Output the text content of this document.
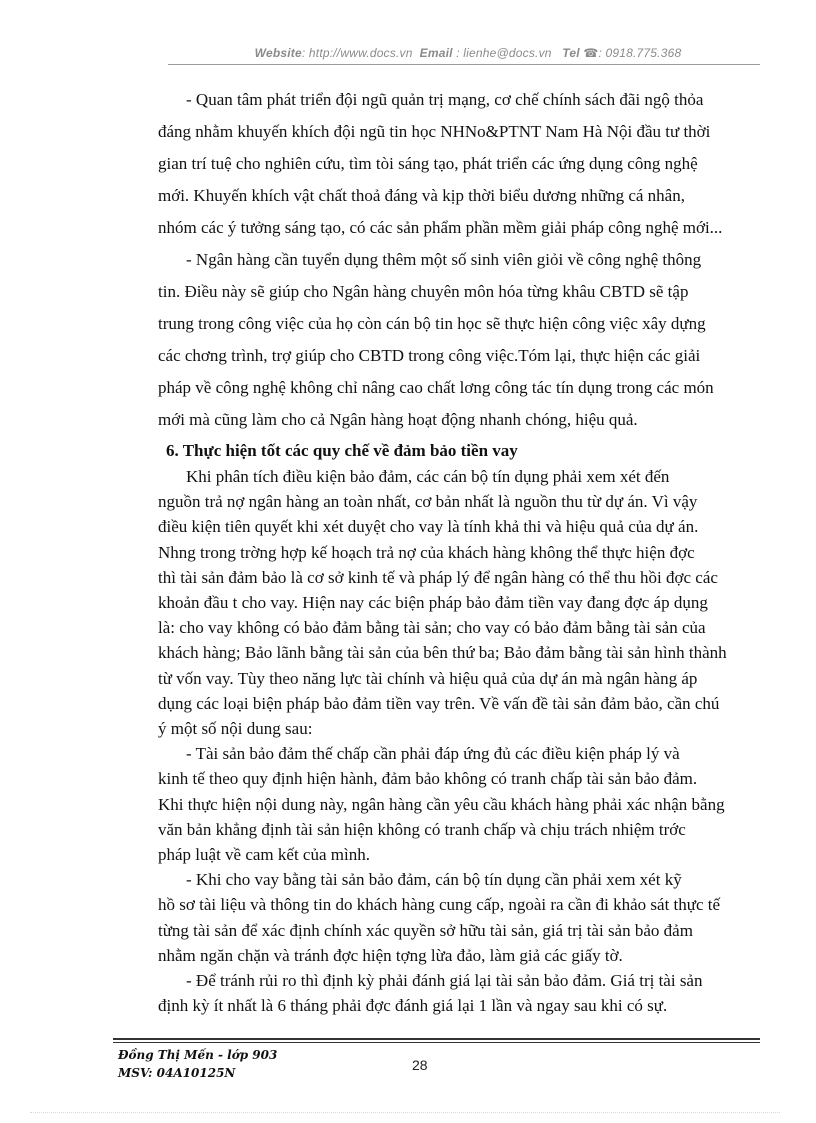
Website: http://www.docs.vn Email : lienhe@docs.vn Tel ☎: 0918.775.368

- Quan tâm phát triển đội ngũ quản trị mạng, cơ chế chính sách đãi ngộ thỏa

đáng nhằm khuyến khích đội ngũ tin học NHNo&PTNT Nam Hà Nội đầu tư thời

gian trí tuệ cho nghiên cứu, tìm tòi sáng tạo, phát triển các ứng dụng công nghệ

mới. Khuyến khích vật chất thoả đáng và kịp thời biểu dương những cá nhân,

nhóm các ý tưởng sáng tạo, có các sản phẩm phần mềm giải pháp công nghệ mới...

- Ngân hàng cần tuyển dụng thêm một số sinh viên giỏi về công nghệ thông

tin. Điều này sẽ giúp cho Ngân hàng chuyên môn hóa từng khâu CBTD sẽ tập

trung trong công việc của họ còn cán bộ tin học sẽ thực hiện công việc xây dựng

các chơng trình, trợ giúp cho CBTD trong công việc.Tóm lại, thực hiện các giải

pháp về công nghệ không chỉ nâng cao chất lơng công tác tín dụng trong các món

mới mà cũng làm cho cả Ngân hàng hoạt động nhanh chóng, hiệu quả.

6. Thực hiện tốt các quy chế về đảm bảo tiền vay

Khi phân tích điều kiện bảo đảm, các cán bộ tín dụng phải xem xét đến

nguồn trả nợ ngân hàng an toàn nhất, cơ bản nhất là nguồn thu từ dự án. Vì vậy

điều kiện tiên quyết khi xét duyệt cho vay là tính khả thi và hiệu quả của dự án.

Nhng trong trờng hợp kế hoạch trả nợ của khách hàng không thể thực hiện đợc

thì tài sản đảm bảo là cơ sở kinh tế và pháp lý để ngân hàng có thể thu hồi đợc các

khoản đầu t cho vay. Hiện nay các biện pháp bảo đảm tiền vay đang đợc áp dụng

là: cho vay không có bảo đảm bằng tài sản; cho vay có bảo đảm bằng tài sản của

khách hàng; Bảo lãnh bằng tài sản của bên thứ ba; Bảo đảm bằng tài sản hình thành

từ vốn vay. Tùy theo năng lực tài chính và hiệu quả của dự án mà ngân hàng áp

dụng các loại biện pháp bảo đảm tiền vay trên. Về vấn đề tài sản đảm bảo, cần chú

ý một số nội dung sau:

- Tài sản bảo đảm thế chấp cần phải đáp ứng đủ các điều kiện pháp lý và

kinh tế theo quy định hiện hành, đảm bảo không có tranh chấp tài sản bảo đảm.

Khi thực hiện nội dung này, ngân hàng cần yêu cầu khách hàng phải xác nhận bằng

văn bản khẳng định tài sản hiện không có tranh chấp và chịu trách nhiệm trớc

pháp luật về cam kết của mình.

- Khi cho vay bằng tài sản bảo đảm, cán bộ tín dụng cần phải xem xét kỹ

hồ sơ tài liệu và thông tin do khách hàng cung cấp, ngoài ra cần đi khảo sát thực tế

từng tài sản để xác định chính xác quyền sở hữu tài sản, giá trị tài sản bảo đảm

nhằm ngăn chặn và tránh đợc hiện tợng lừa đảo, làm giả các giấy tờ.

- Để tránh rủi ro thì định kỳ phải đánh giá lại tài sản bảo đảm. Giá trị tài sản

định kỳ ít nhất là 6 tháng phải đợc đánh giá lại 1 lần và ngay sau khi có sự.

Đồng Thị Mến - lớp 903
MSV: 04A10125N	28
